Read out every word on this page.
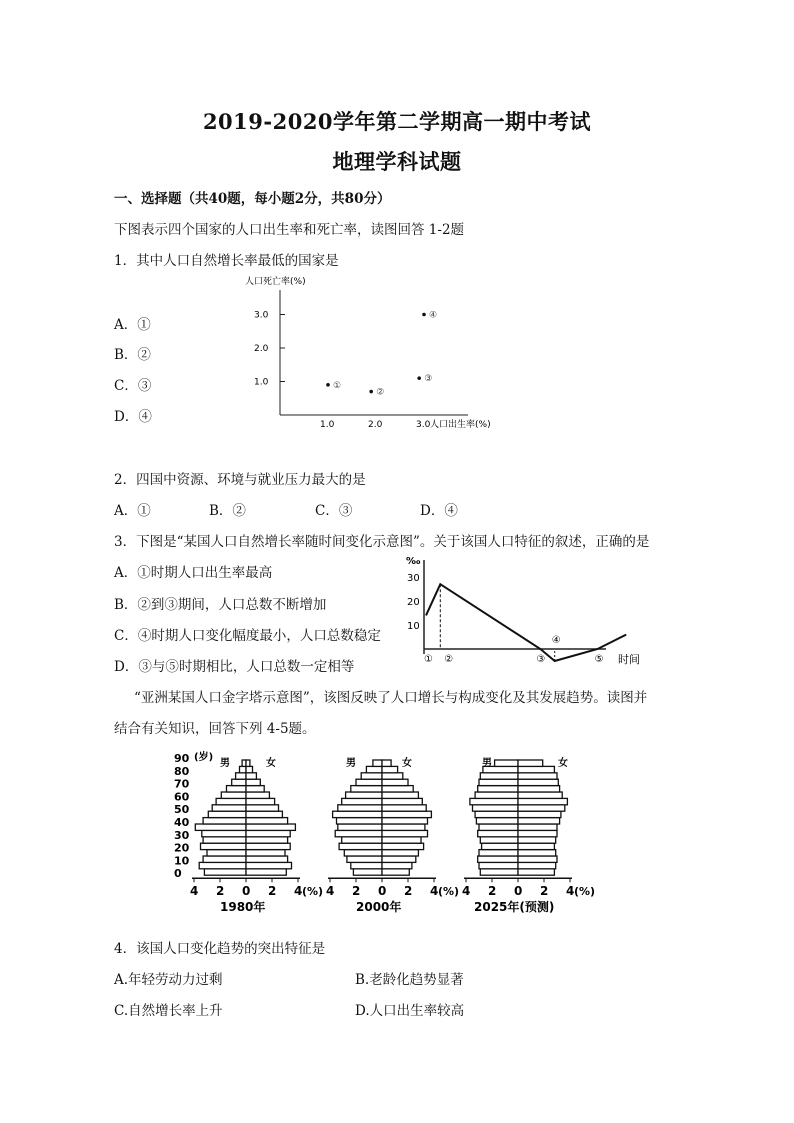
2019-2020学年第二学期高一期中考试
地理学科试题
一、选择题（共40题，每小题2分，共80分）
下图表示四个国家的人口出生率和死亡率，读图回答 1-2题
1．其中人口自然增长率最低的国家是
A．①
B．②
C．③
D．④
人口死亡率(%)
1.0
1.0
2.0
2.0
3.0
3.0
①
②
③
④
人口出生率(%)
2．四国中资源、环境与就业压力最大的是
A．①	B．②	C．③	D．④
3．下图是“某国人口自然增长率随时间变化示意图”。关于该国人口特征的叙述，正确的是
A．①时期人口出生率最高
B．②到③期间，人口总数不断增加
C．④时期人口变化幅度最小，人口总数稳定
D．③与⑤时期相比，人口总数一定相等
‰
10
20
30
① ②	③
④
⑤ 时间
“亚洲某国人口金字塔示意图”，该图反映了人口增长与构成变化及其发展趋势。读图并
结合有关知识，回答下列 4-5题。
0
10
20
30
40
50
60
70
80
90 (岁)
4 2 0 2 4 (%)
男	女
1980年
4 2 0 2 4 (%)
男	女
2000年
4 2 0 2 4 (%)
男	女
2025年(预测)
4．该国人口变化趋势的突出特征是
A.年轻劳动力过剩	B.老龄化趋势显著
C.自然增长率上升	D.人口出生率较高
